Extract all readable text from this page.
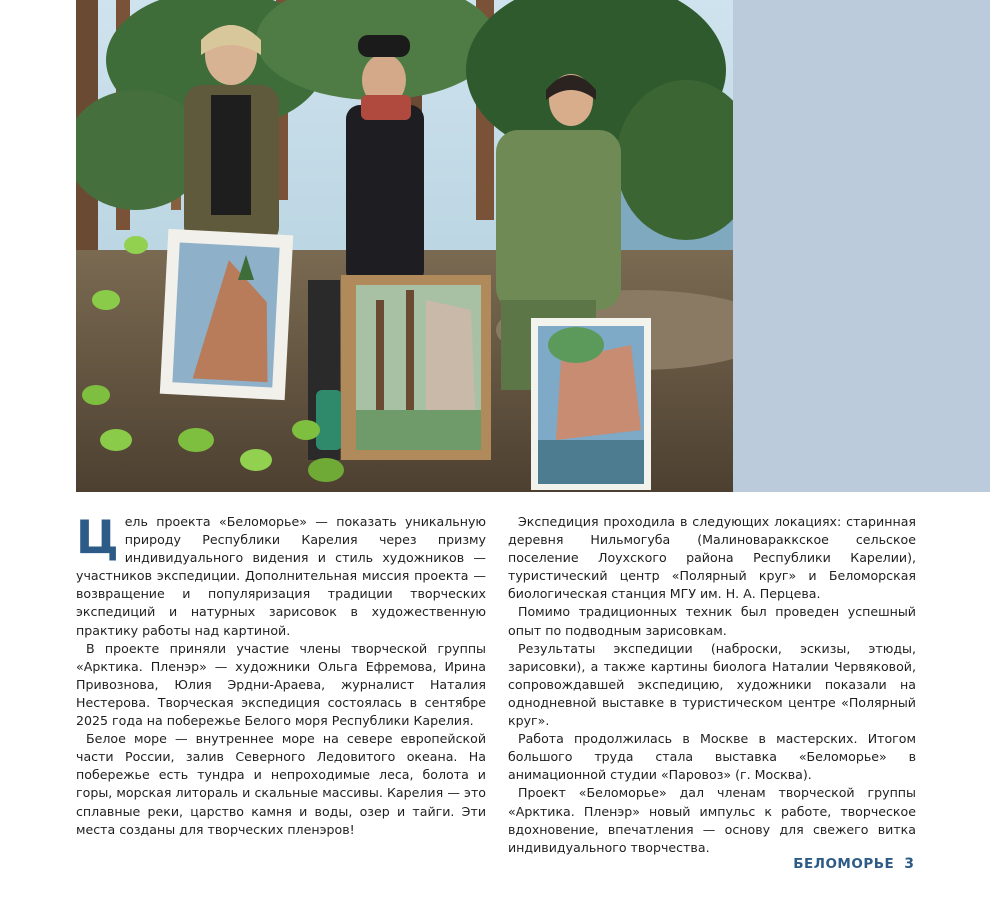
Цель проекта «Беломорье» — показать уникальную природу Республики Карелия через призму индивидуального видения и стиль художников — участников экспедиции. Дополнительная миссия проекта — возвращение и популяризация традиции творческих экспедиций и натурных зарисовок в художественную практику работы над картиной.

В проекте приняли участие члены творческой группы «Арктика. Пленэр» — художники Ольга Ефремова, Ирина Привознова, Юлия Эрдни-Араева, журналист Наталия Нестерова. Творческая экспедиция состоялась в сентябре 2025 года на побережье Белого моря Республики Карелия.

Белое море — внутреннее море на севере европейской части России, залив Северного Ледовитого океана. На побережье есть тундра и непроходимые леса, болота и горы, морская литораль и скальные массивы. Карелия — это сплавные реки, царство камня и воды, озер и тайги. Эти места созданы для творческих пленэров!

Экспедиция проходила в следующих локациях: старинная деревня Нильмогуба (Малиновараккское сельское поселение Лоухского района Республики Карелии), туристический центр «Полярный круг» и Беломорская биологическая станция МГУ им. Н. А. Перцева.

Помимо традиционных техник был проведен успешный опыт по подводным зарисовкам.

Результаты экспедиции (наброски, эскизы, этюды, зарисовки), а также картины биолога Наталии Червяковой, сопровождавшей экспедицию, художники показали на однодневной выставке в туристическом центре «Полярный круг».

Работа продолжилась в Москве в мастерских. Итогом большого труда стала выставка «Беломорье» в анимационной студии «Паровоз» (г. Москва).

Проект «Беломорье» дал членам творческой группы «Арктика. Пленэр» новый импульс к работе, творческое вдохновение, впечатления — основу для свежего витка индивидуального творчества.

БЕЛОМОРЬЕ 3
